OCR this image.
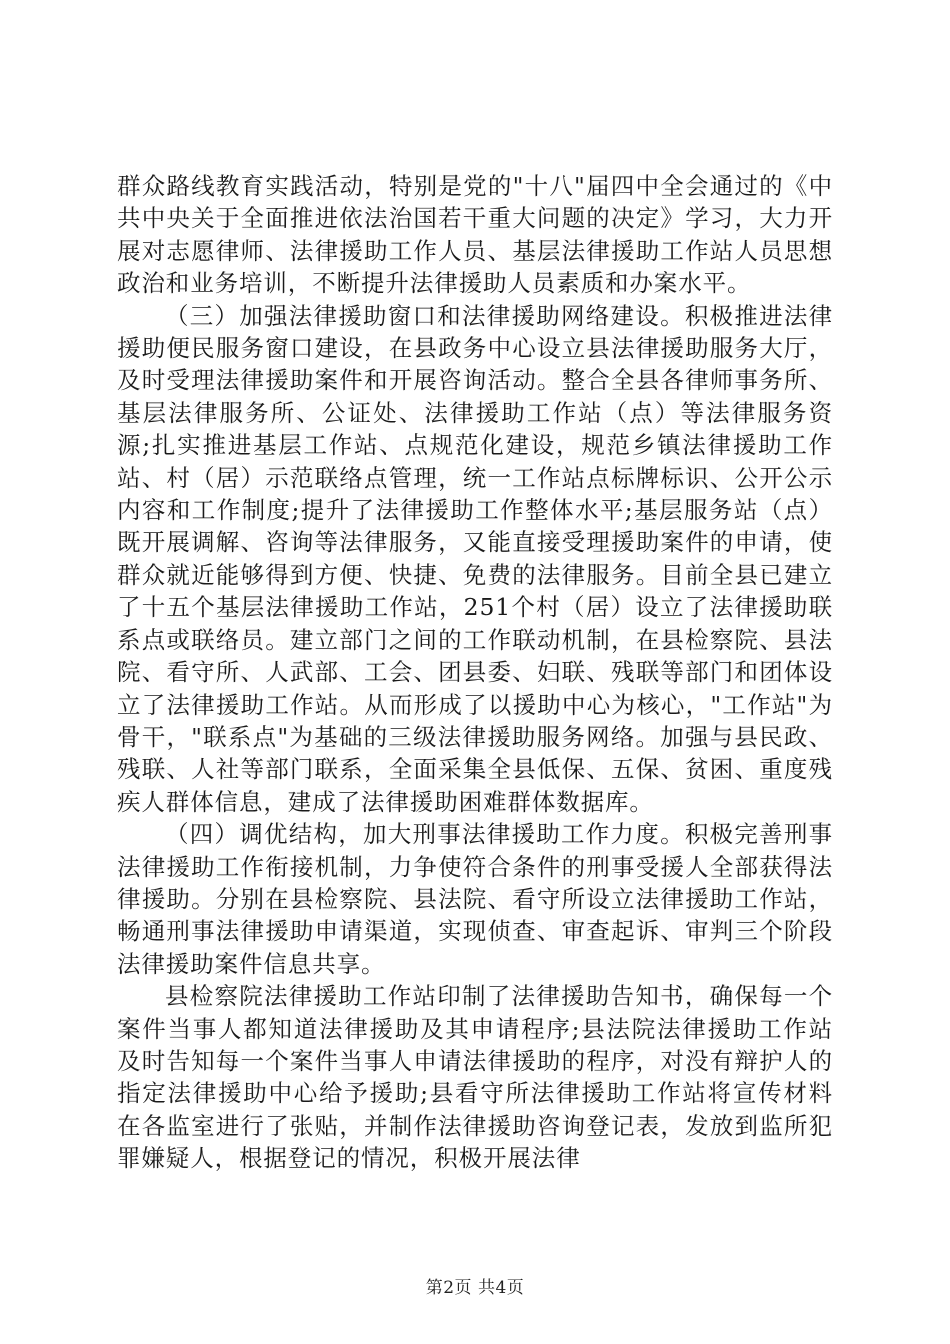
群众路线教育实践活动，特别是党的"十八"届四中全会通过的《中共中央关于全面推进依法治国若干重大问题的决定》学习，大力开展对志愿律师、法律援助工作人员、基层法律援助工作站人员思想政治和业务培训，不断提升法律援助人员素质和办案水平。

（三）加强法律援助窗口和法律援助网络建设。积极推进法律援助便民服务窗口建设，在县政务中心设立县法律援助服务大厅，及时受理法律援助案件和开展咨询活动。整合全县各律师事务所、基层法律服务所、公证处、法律援助工作站（点）等法律服务资源;扎实推进基层工作站、点规范化建设，规范乡镇法律援助工作站、村（居）示范联络点管理，统一工作站点标牌标识、公开公示内容和工作制度;提升了法律援助工作整体水平;基层服务站（点）既开展调解、咨询等法律服务，又能直接受理援助案件的申请，使群众就近能够得到方便、快捷、免费的法律服务。目前全县已建立了十五个基层法律援助工作站，251个村（居）设立了法律援助联系点或联络员。建立部门之间的工作联动机制，在县检察院、县法院、看守所、人武部、工会、团县委、妇联、残联等部门和团体设立了法律援助工作站。从而形成了以援助中心为核心，"工作站"为骨干，"联系点"为基础的三级法律援助服务网络。加强与县民政、残联、人社等部门联系，全面采集全县低保、五保、贫困、重度残疾人群体信息，建成了法律援助困难群体数据库。

（四）调优结构，加大刑事法律援助工作力度。积极完善刑事法律援助工作衔接机制，力争使符合条件的刑事受援人全部获得法律援助。分别在县检察院、县法院、看守所设立法律援助工作站，畅通刑事法律援助申请渠道，实现侦查、审查起诉、审判三个阶段法律援助案件信息共享。

县检察院法律援助工作站印制了法律援助告知书，确保每一个案件当事人都知道法律援助及其申请程序;县法院法律援助工作站及时告知每一个案件当事人申请法律援助的程序，对没有辩护人的指定法律援助中心给予援助;县看守所法律援助工作站将宣传材料在各监室进行了张贴，并制作法律援助咨询登记表，发放到监所犯罪嫌疑人，根据登记的情况，积极开展法律

第2页 共4页
